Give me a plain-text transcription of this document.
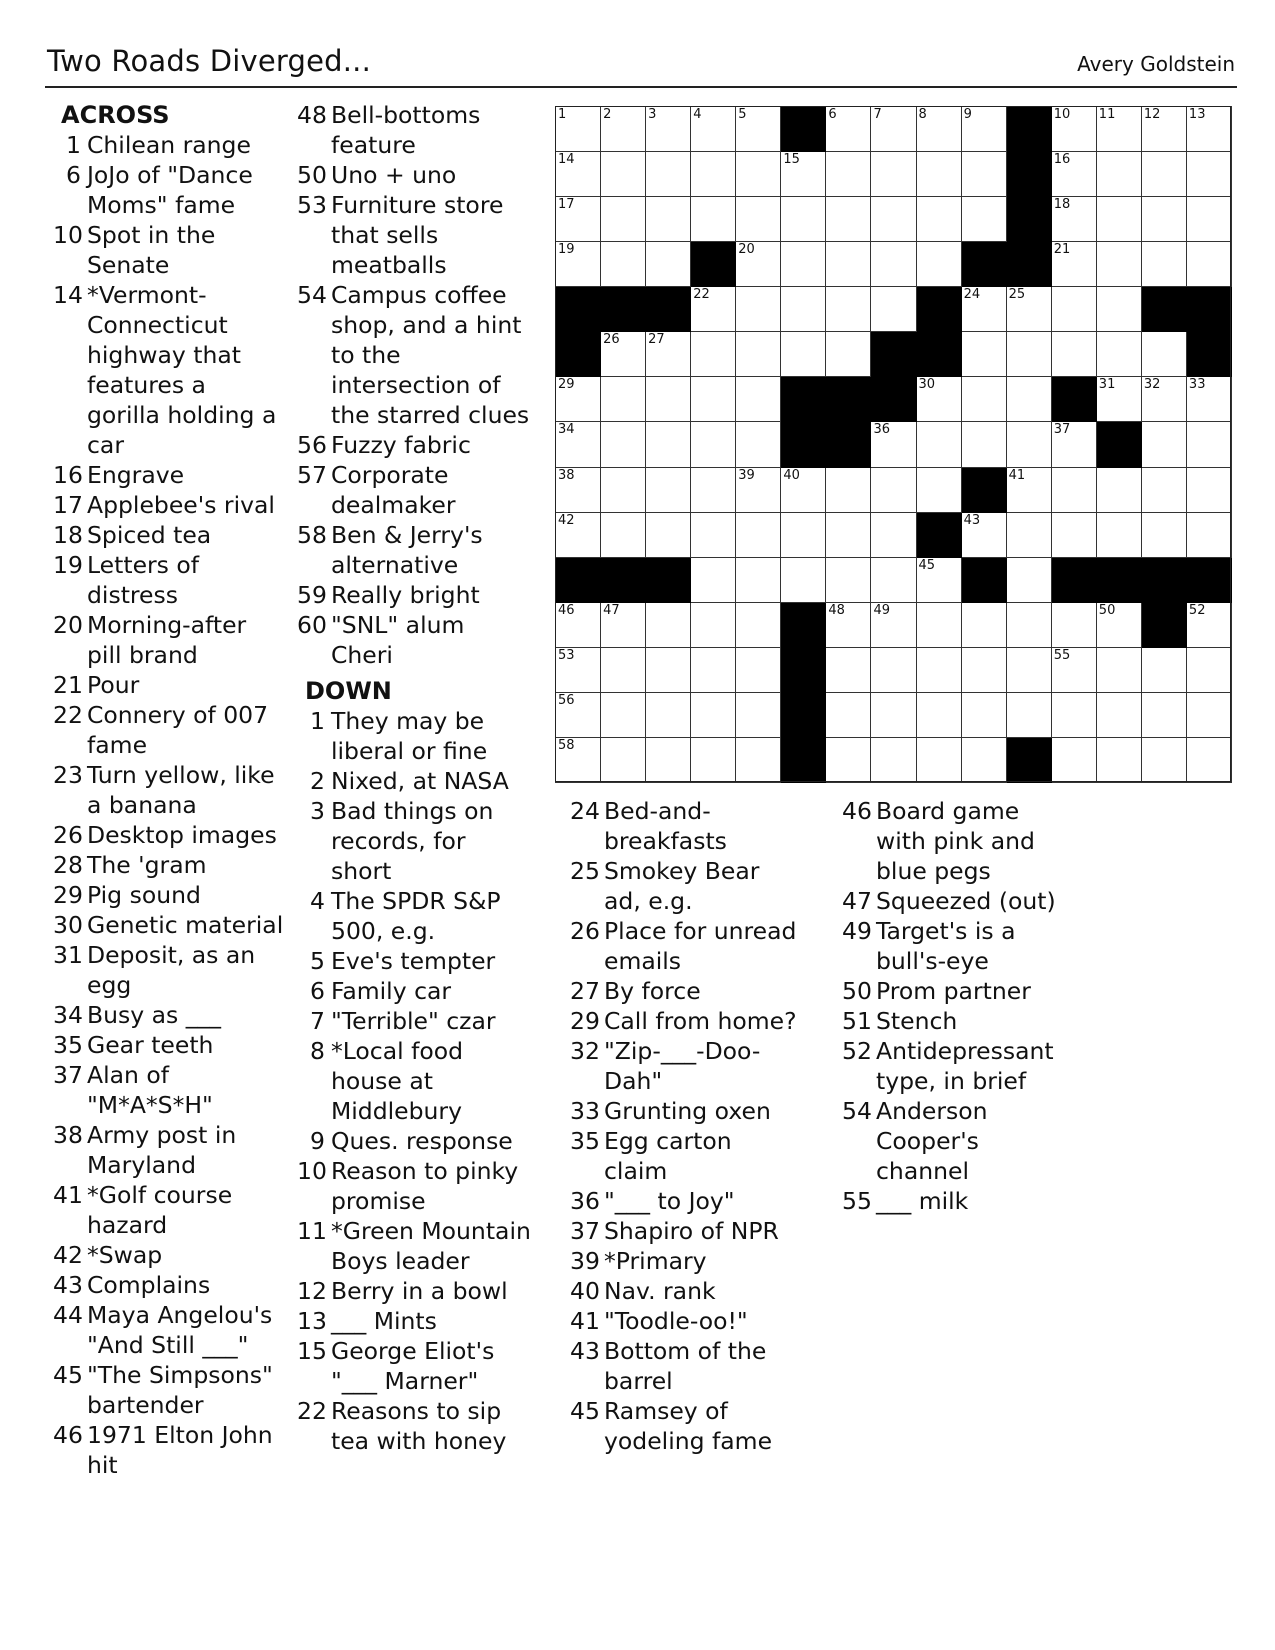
Two Roads Diverged...	Avery Goldstein
ACROSS
1 Chilean range
6 JoJo of "Dance Moms" fame
10 Spot in the Senate
14 *Vermont-Connecticut highway that features a gorilla holding a car
16 Engrave
17 Applebee's rival
18 Spiced tea
19 Letters of distress
20 Morning-after pill brand
21 Pour
22 Connery of 007 fame
23 Turn yellow, like a banana
26 Desktop images
28 The 'gram
29 Pig sound
30 Genetic material
31 Deposit, as an egg
34 Busy as ___
35 Gear teeth
37 Alan of "M*A*S*H"
38 Army post in Maryland
41 *Golf course hazard
42 *Swap
43 Complains
44 Maya Angelou's "And Still ___"
45 "The Simpsons" bartender
46 1971 Elton John hit
48 Bell-bottoms feature
50 Uno + uno
53 Furniture store that sells meatballs
54 Campus coffee shop, and a hint to the intersection of the starred clues
56 Fuzzy fabric
57 Corporate dealmaker
58 Ben & Jerry's alternative
59 Really bright
60 "SNL" alum Cheri
DOWN
1 They may be liberal or fine
2 Nixed, at NASA
3 Bad things on records, for short
4 The SPDR S&P 500, e.g.
5 Eve's tempter
6 Family car
7 "Terrible" czar
8 *Local food house at Middlebury
9 Ques. response
10 Reason to pinky promise
11 *Green Mountain Boys leader
12 Berry in a bowl
13 ___ Mints
15 George Eliot's "___ Marner"
22 Reasons to sip tea with honey
24 Bed-and-breakfasts
25 Smokey Bear ad, e.g.
26 Place for unread emails
27 By force
29 Call from home?
32 "Zip-___-Doo-Dah"
33 Grunting oxen
35 Egg carton claim
36 "___ to Joy"
37 Shapiro of NPR
39 *Primary
40 Nav. rank
41 "Toodle-oo!"
43 Bottom of the barrel
45 Ramsey of yodeling fame
46 Board game with pink and blue pegs
47 Squeezed (out)
49 Target's is a bull's-eye
50 Prom partner
51 Stench
52 Antidepressant type, in brief
54 Anderson Cooper's channel
55 ___ milk
58
56
55
53
52
50
49
48
47
46
45
43
42
41
40
39
38
37
36
34
33
32
31
30
29
27
26
25
24
22
21
20
19
18
17
16
15
14
13
12
11
10
9
8
7
6
5
4
3
2
1
